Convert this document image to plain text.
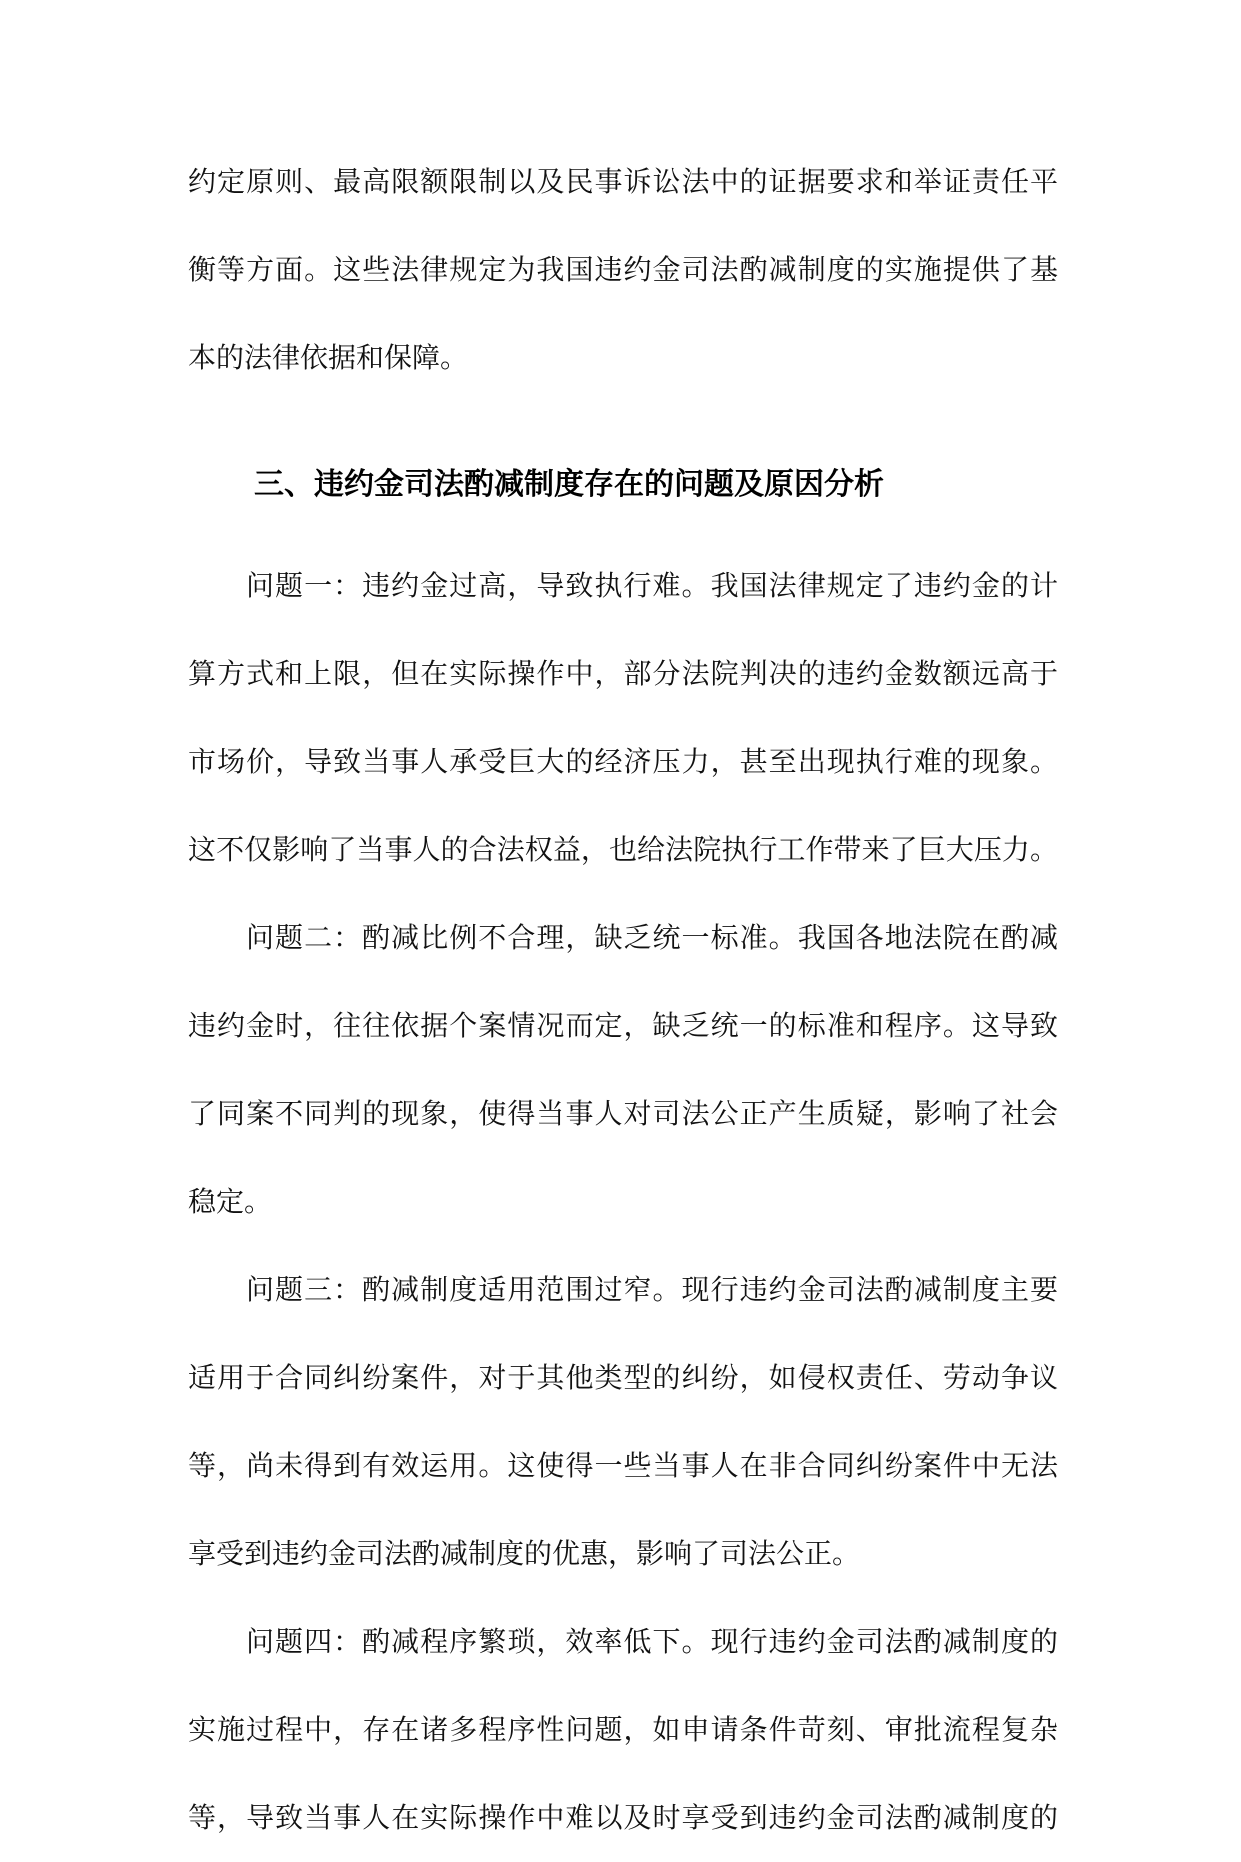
约定原则、最高限额限制以及民事诉讼法中的证据要求和举证责任平
衡等方面。这些法律规定为我国违约金司法酌减制度的实施提供了基
本的法律依据和保障。
三、违约金司法酌减制度存在的问题及原因分析
问题一：违约金过高，导致执行难。我国法律规定了违约金的计
算方式和上限，但在实际操作中，部分法院判决的违约金数额远高于
市场价，导致当事人承受巨大的经济压力，甚至出现执行难的现象。
这不仅影响了当事人的合法权益，也给法院执行工作带来了巨大压力。
问题二：酌减比例不合理，缺乏统一标准。我国各地法院在酌减
违约金时，往往依据个案情况而定，缺乏统一的标准和程序。这导致
了同案不同判的现象，使得当事人对司法公正产生质疑，影响了社会
稳定。
问题三：酌减制度适用范围过窄。现行违约金司法酌减制度主要
适用于合同纠纷案件，对于其他类型的纠纷，如侵权责任、劳动争议
等，尚未得到有效运用。这使得一些当事人在非合同纠纷案件中无法
享受到违约金司法酌减制度的优惠，影响了司法公正。
问题四：酌减程序繁琐，效率低下。现行违约金司法酌减制度的
实施过程中，存在诸多程序性问题，如申请条件苛刻、审批流程复杂
等，导致当事人在实际操作中难以及时享受到违约金司法酌减制度的
